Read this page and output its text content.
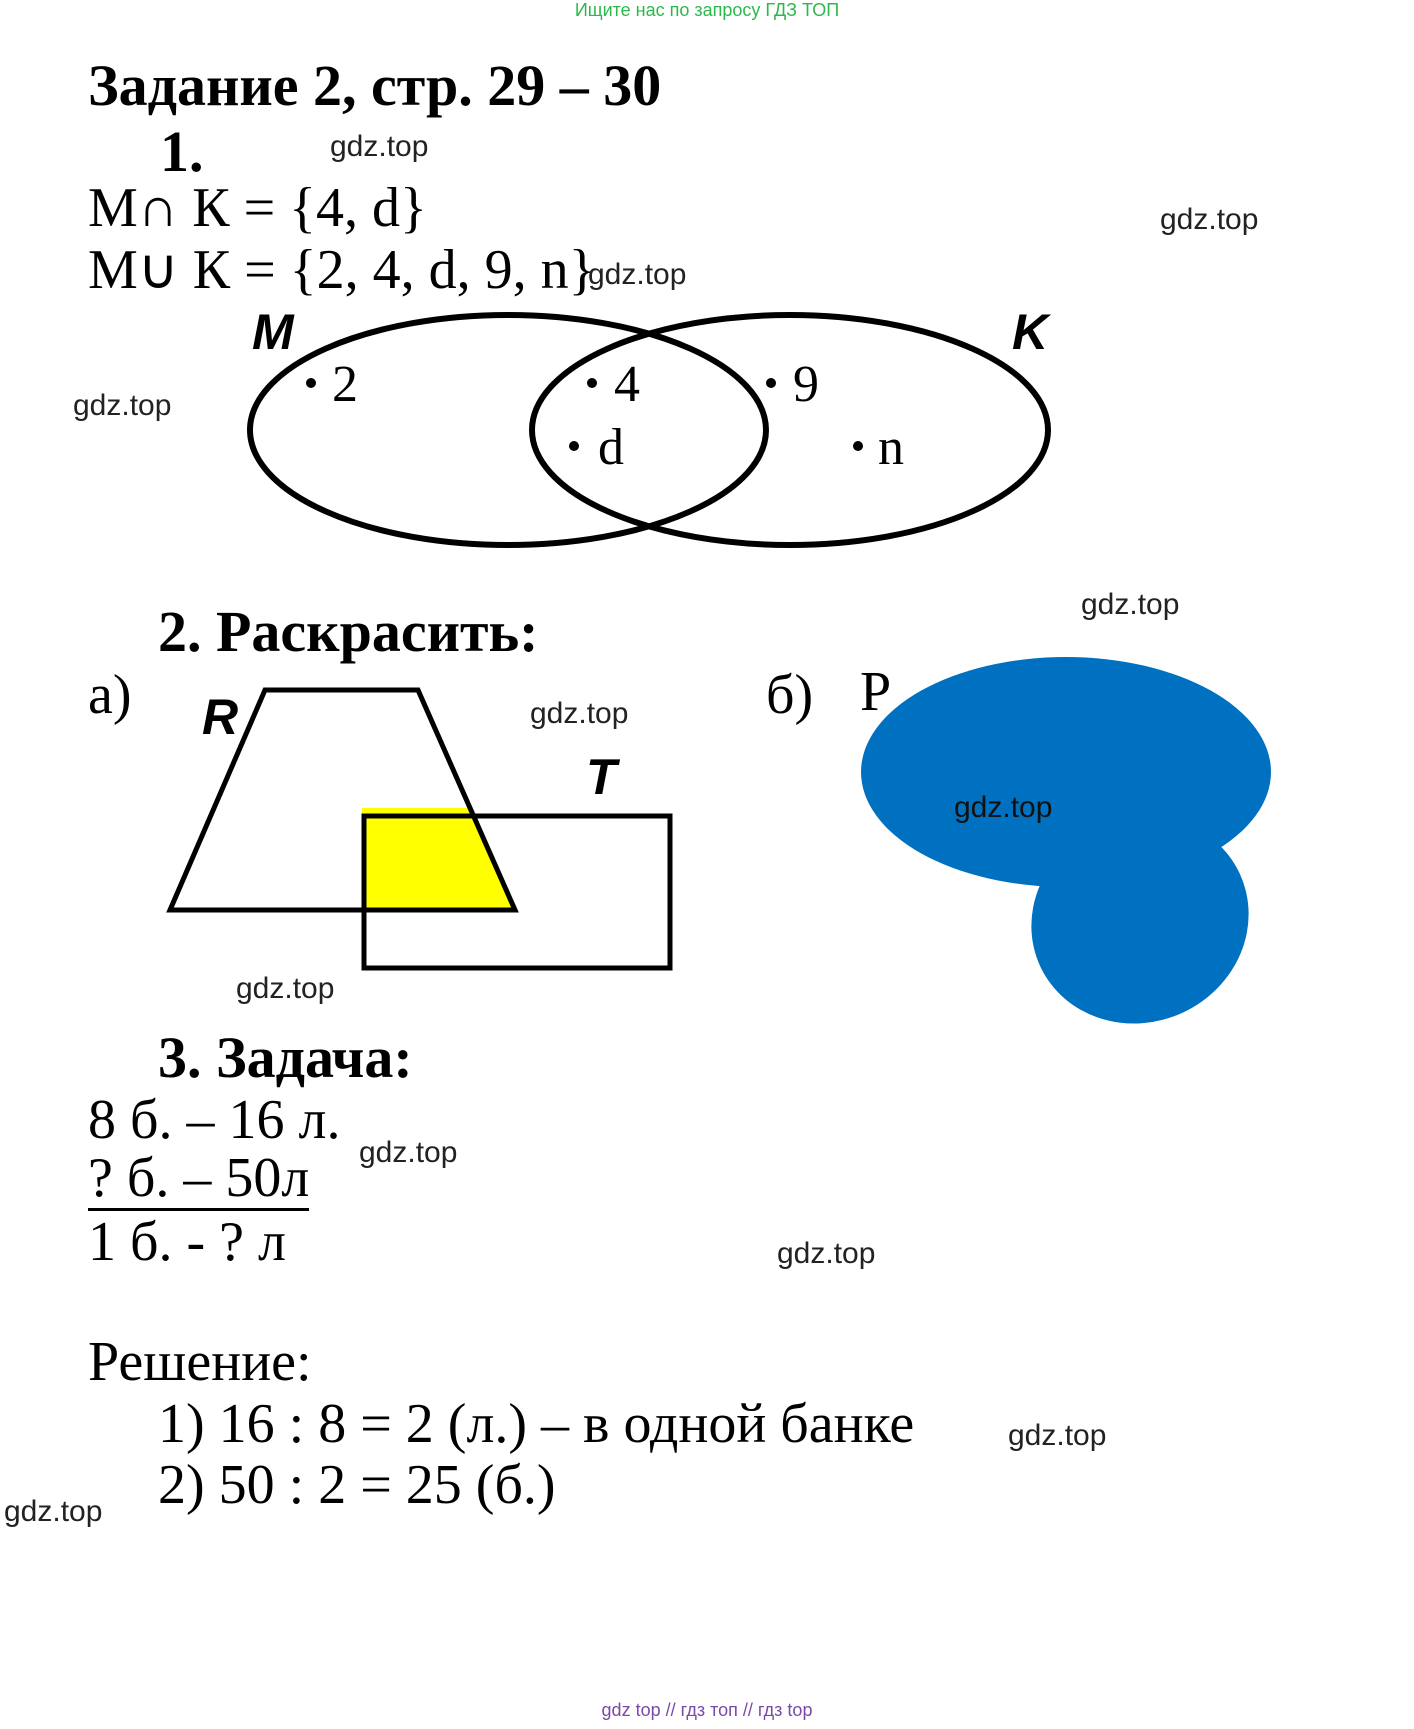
Ищите нас по запросу ГДЗ ТОП
Задание 2, стр. 29 – 30
1.
М∩ К = {4, d}
М∪ К = {2, 4, d, 9, n}
M	K
2	4
d
9
n
2. Раскрасить:
а) R
T
б) Р
3. Задача:
8 б. – 16 л.
? б. – 50л
1 б. - ? л
Решение:
1) 16 : 8 = 2 (л.) – в одной банке
2) 50 : 2 = 25 (б.)
gdz.top
gdz.top
gdz.top
gdz.top
gdz.top
gdz.top
gdz.top
gdz.top
gdz.top
gdz.top
gdz.top
gdz.top
gdz top // гдз топ // гдз top
